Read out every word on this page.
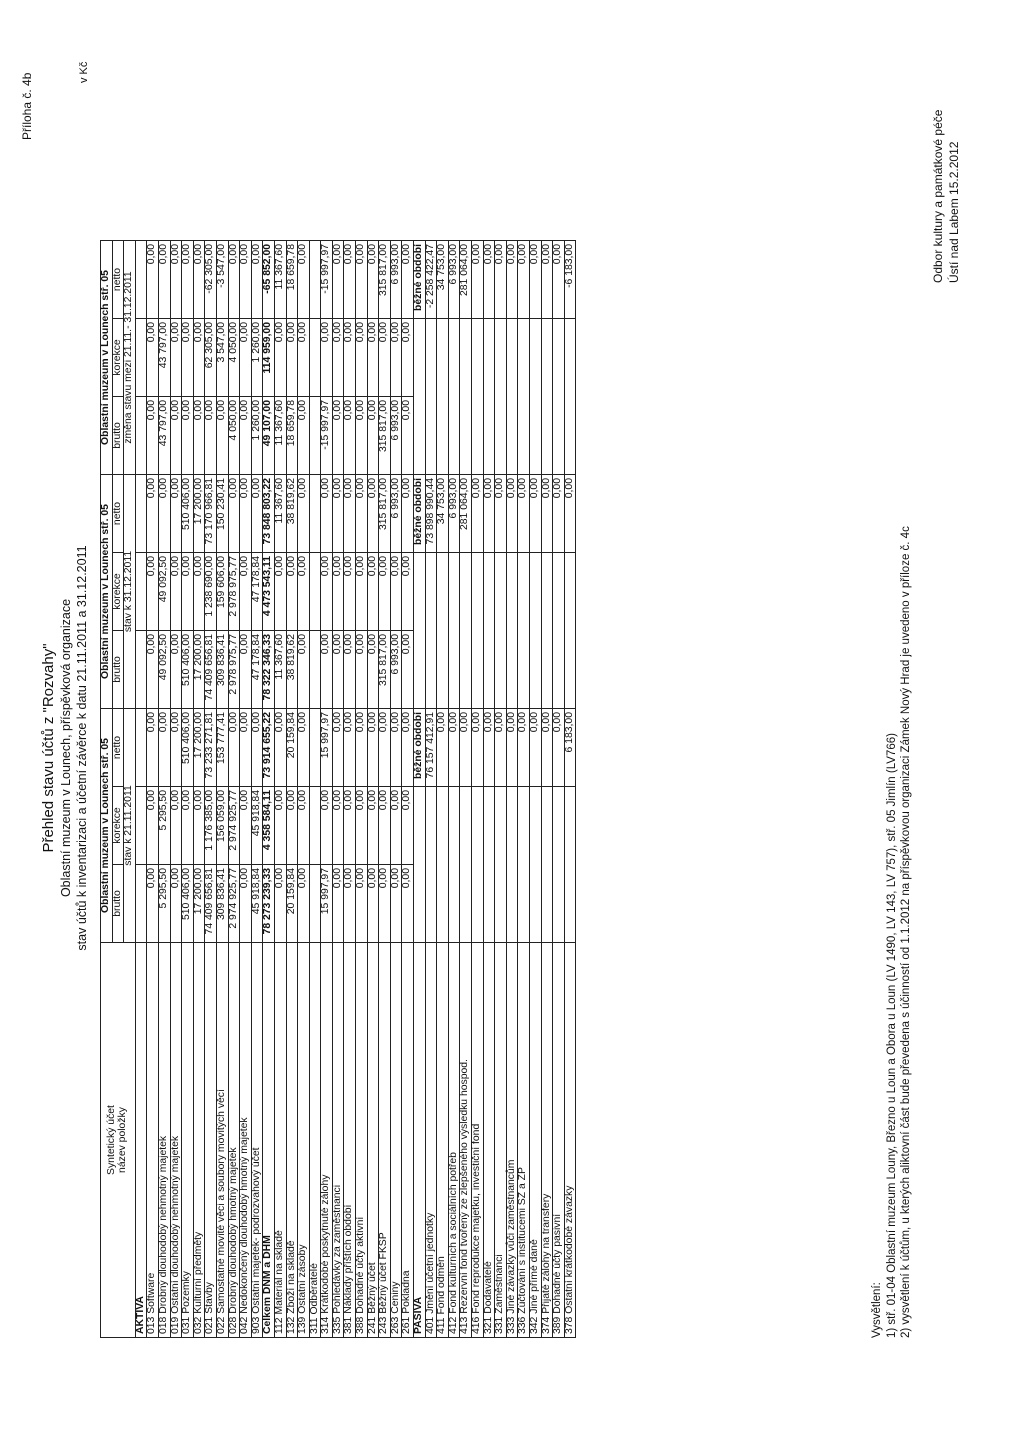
Příloha č. 4b
v Kč
Přehled stavu účtů z "Rozvahy" Oblastní muzeum v Lounech, příspěvková organizace stav účtů k inventarizaci a účetní závěrce k datu 21.11.2011 a 31.12.2011
Syntetický účet
název položky	Oblastní muzeum v Lounech stř. 05			Oblastní muzeum v Lounech stř. 05			Oblastní muzeum v Lounech stř. 05		
	brutto	korekce	netto	brutto	korekce	netto	brutto	korekce	netto
	stav k 21.11.2011			stav k 31.12.2011			změna stavu mezi 21.11.- 31.12.2011		
AKTIVA									
013 Software	0,00	0,00	0,00	0,00	0,00	0,00	0,00	0,00	0,00
018 Drobný dlouhodobý nehmotný majetek	5 295,50	5 295,50	0,00	49 092,50	49 092,50	0,00	43 797,00	43 797,00	0,00
019 Ostatní dlouhodobý nehmotný majetek	0,00	0,00	0,00	0,00	0,00	0,00	0,00	0,00	0,00
031 Pozemky	510 406,00	0,00	510 406,00	510 406,00	0,00	510 406,00	0,00	0,00	0,00
032 Kulturní předměty	17 200,00	0,00	17 200,00	17 200,00	0,00	17 200,00	0,00	0,00	0,00
021 Stavby	74 409 656,81	1 176 385,00	73 233 271,81	74 409 656,81	1 238 690,00	73 170 966,81	0,00	62 305,00	-62 305,00
022 Samostatné movité věci a soubory movitých věcí	309 836,41	156 059,00	153 777,41	309 836,41	159 606,00	150 230,41	0,00	3 547,00	-3 547,00
028 Drobný dlouhodobý hmotný majetek	2 974 925,77	2 974 925,77	0,00	2 978 975,77	2 978 975,77	0,00	4 050,00	4 050,00	0,00
042 Nedokončený dlouhodobý hmotný majetek	0,00	0,00	0,00	0,00	0,00	0,00	0,00	0,00	0,00
903 Ostatní majetek- podrozvahový účet	45 918,84	45 918,84	0,00	47 178,84	47 178,84	0,00	1 260,00	1 260,00	0,00
Celkem DNM a DHM	78 273 239,33	4 358 584,11	73 914 655,22	78 322 346,33	4 473 543,11	73 848 803,22	49 107,00	114 959,00	-65 852,00
112 Materiál na skladě	0,00	0,00	0,00	11 367,60	0,00	11 367,60	11 367,60	0,00	11 367,60
132 Zboží na skladě	20 159,84	0,00	20 159,84	38 819,62	0,00	38 819,62	18 659,78	0,00	18 659,78
139 Ostatní zásoby	0,00	0,00	0,00	0,00	0,00	0,00	0,00	0,00	0,00
311 Odběratelé									
314 Krátkodobé poskytnuté zálohy	15 997,97	0,00	15 997,97	0,00	0,00	0,00	-15 997,97	0,00	-15 997,97
335 Pohledávky za zaměstnanci	0,00	0,00	0,00	0,00	0,00	0,00	0,00	0,00	0,00
381 Náklady příštích období	0,00	0,00	0,00	0,00	0,00	0,00	0,00	0,00	0,00
388 Dohadné účty aktivní	0,00	0,00	0,00	0,00	0,00	0,00	0,00	0,00	0,00
241 Běžný účet	0,00	0,00	0,00	0,00	0,00	0,00	0,00	0,00	0,00
243 Běžný účet FKSP	0,00	0,00	0,00	315 817,00	0,00	315 817,00	315 817,00	0,00	315 817,00
263 Ceniny	0,00	0,00	0,00	6 993,00	0,00	6 993,00	6 993,00	0,00	6 993,00
261 Pokladna	0,00	0,00	0,00	0,00	0,00	0,00	0,00	0,00	0,00
PASIVA			běžné období			běžné období			běžné období
401 Jmění účetní jednotky			76 157 412,91			73 898 990,44			-2 258 422,47
411 Fond odměn			0,00			34 753,00			34 753,00
412 Fond kulturních a sociálních potřeb			0,00			6 993,00			6 993,00
413 Rezervní fond tvořený ze zlepšeného výsledku hospod.			0,00			281 064,00			281 064,00
416 Fond reprodukce majetku, investiční fond			0,00			0,00			0,00
321 Dodavatelé			0,00			0,00			0,00
331 Zaměstnanci			0,00			0,00			0,00
333 Jiné závazky vůči zaměstnancům			0,00			0,00			0,00
336 Zúčtování s institucemi SZ a ZP			0,00			0,00			0,00
342 Jiné přímé daně			0,00			0,00			0,00
374 Přijaté zálohy na transfery			0,00			0,00			0,00
389 Dohadné účty pasivní			0,00			0,00			0,00
378 Ostatní krátkodobé závazky			6 183,00			0,00			-6 183,00
Vysvětlení: 1) stř. 01-04 Oblastní muzeum Louny, Březno u Loun a Obora u Loun (LV 1490, LV 143, LV 757), stř. 05 Jimlín (LV766) 2) vysvětlení k účtům, u kterých aliktovní část bude převedena s účinností od 1.1.2012 na příspěvkovou organizaci Zámek Nový Hrad je uvedeno v příloze č. 4c
Odbor kultury a památkové péče Ústí nad Labem 15.2.2012
